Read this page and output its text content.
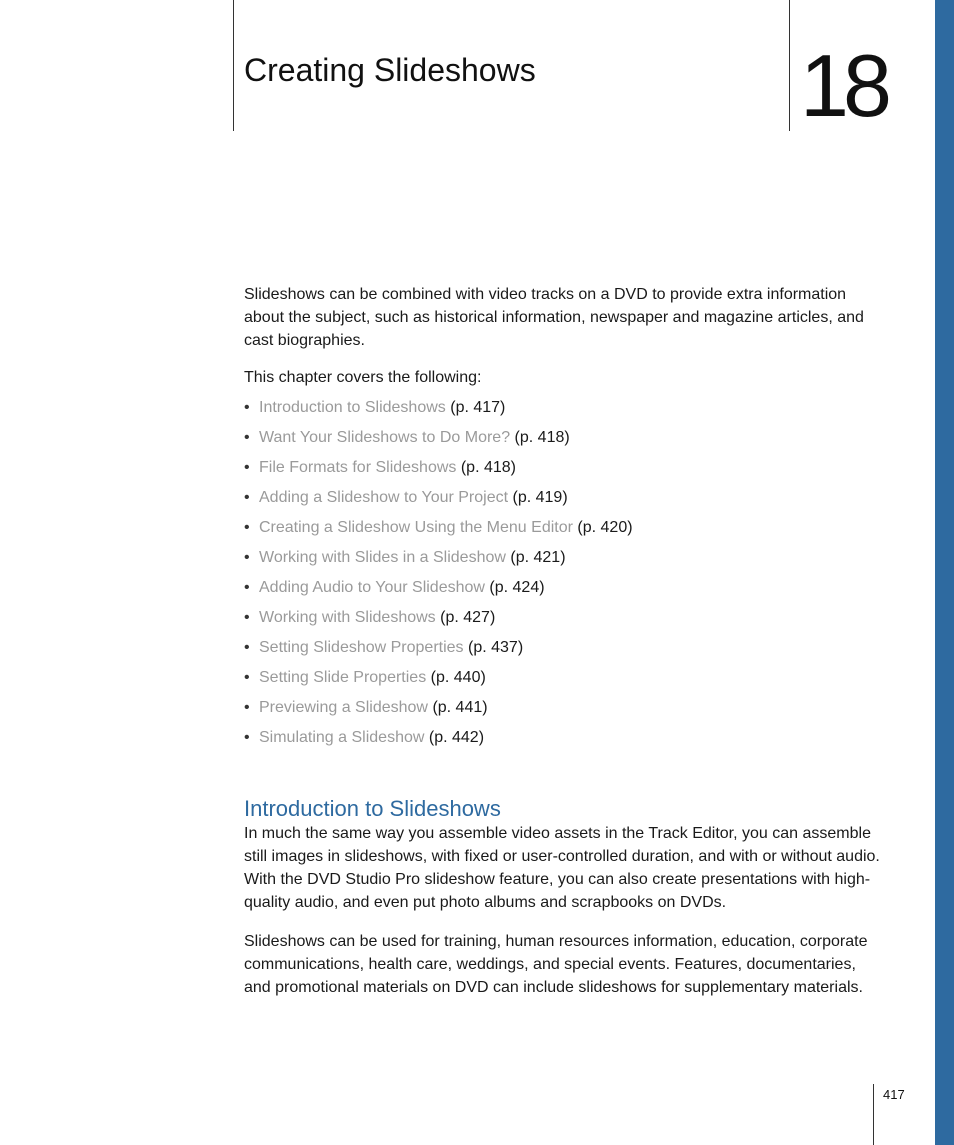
Creating Slideshows	18

Slideshows can be combined with video tracks on a DVD to provide extra information about the subject, such as historical information, newspaper and magazine articles, and cast biographies.

This chapter covers the following:

• Introduction to Slideshows (p. 417)
• Want Your Slideshows to Do More? (p. 418)
• File Formats for Slideshows (p. 418)
• Adding a Slideshow to Your Project (p. 419)
• Creating a Slideshow Using the Menu Editor (p. 420)
• Working with Slides in a Slideshow (p. 421)
• Adding Audio to Your Slideshow (p. 424)
• Working with Slideshows (p. 427)
• Setting Slideshow Properties (p. 437)
• Setting Slide Properties (p. 440)
• Previewing a Slideshow (p. 441)
• Simulating a Slideshow (p. 442)
Introduction to Slideshows

In much the same way you assemble video assets in the Track Editor, you can assemble still images in slideshows, with fixed or user-controlled duration, and with or without audio. With the DVD Studio Pro slideshow feature, you can also create presentations with high-quality audio, and even put photo albums and scrapbooks on DVDs.

Slideshows can be used for training, human resources information, education, corporate communications, health care, weddings, and special events. Features, documentaries, and promotional materials on DVD can include slideshows for supplementary materials.

417
